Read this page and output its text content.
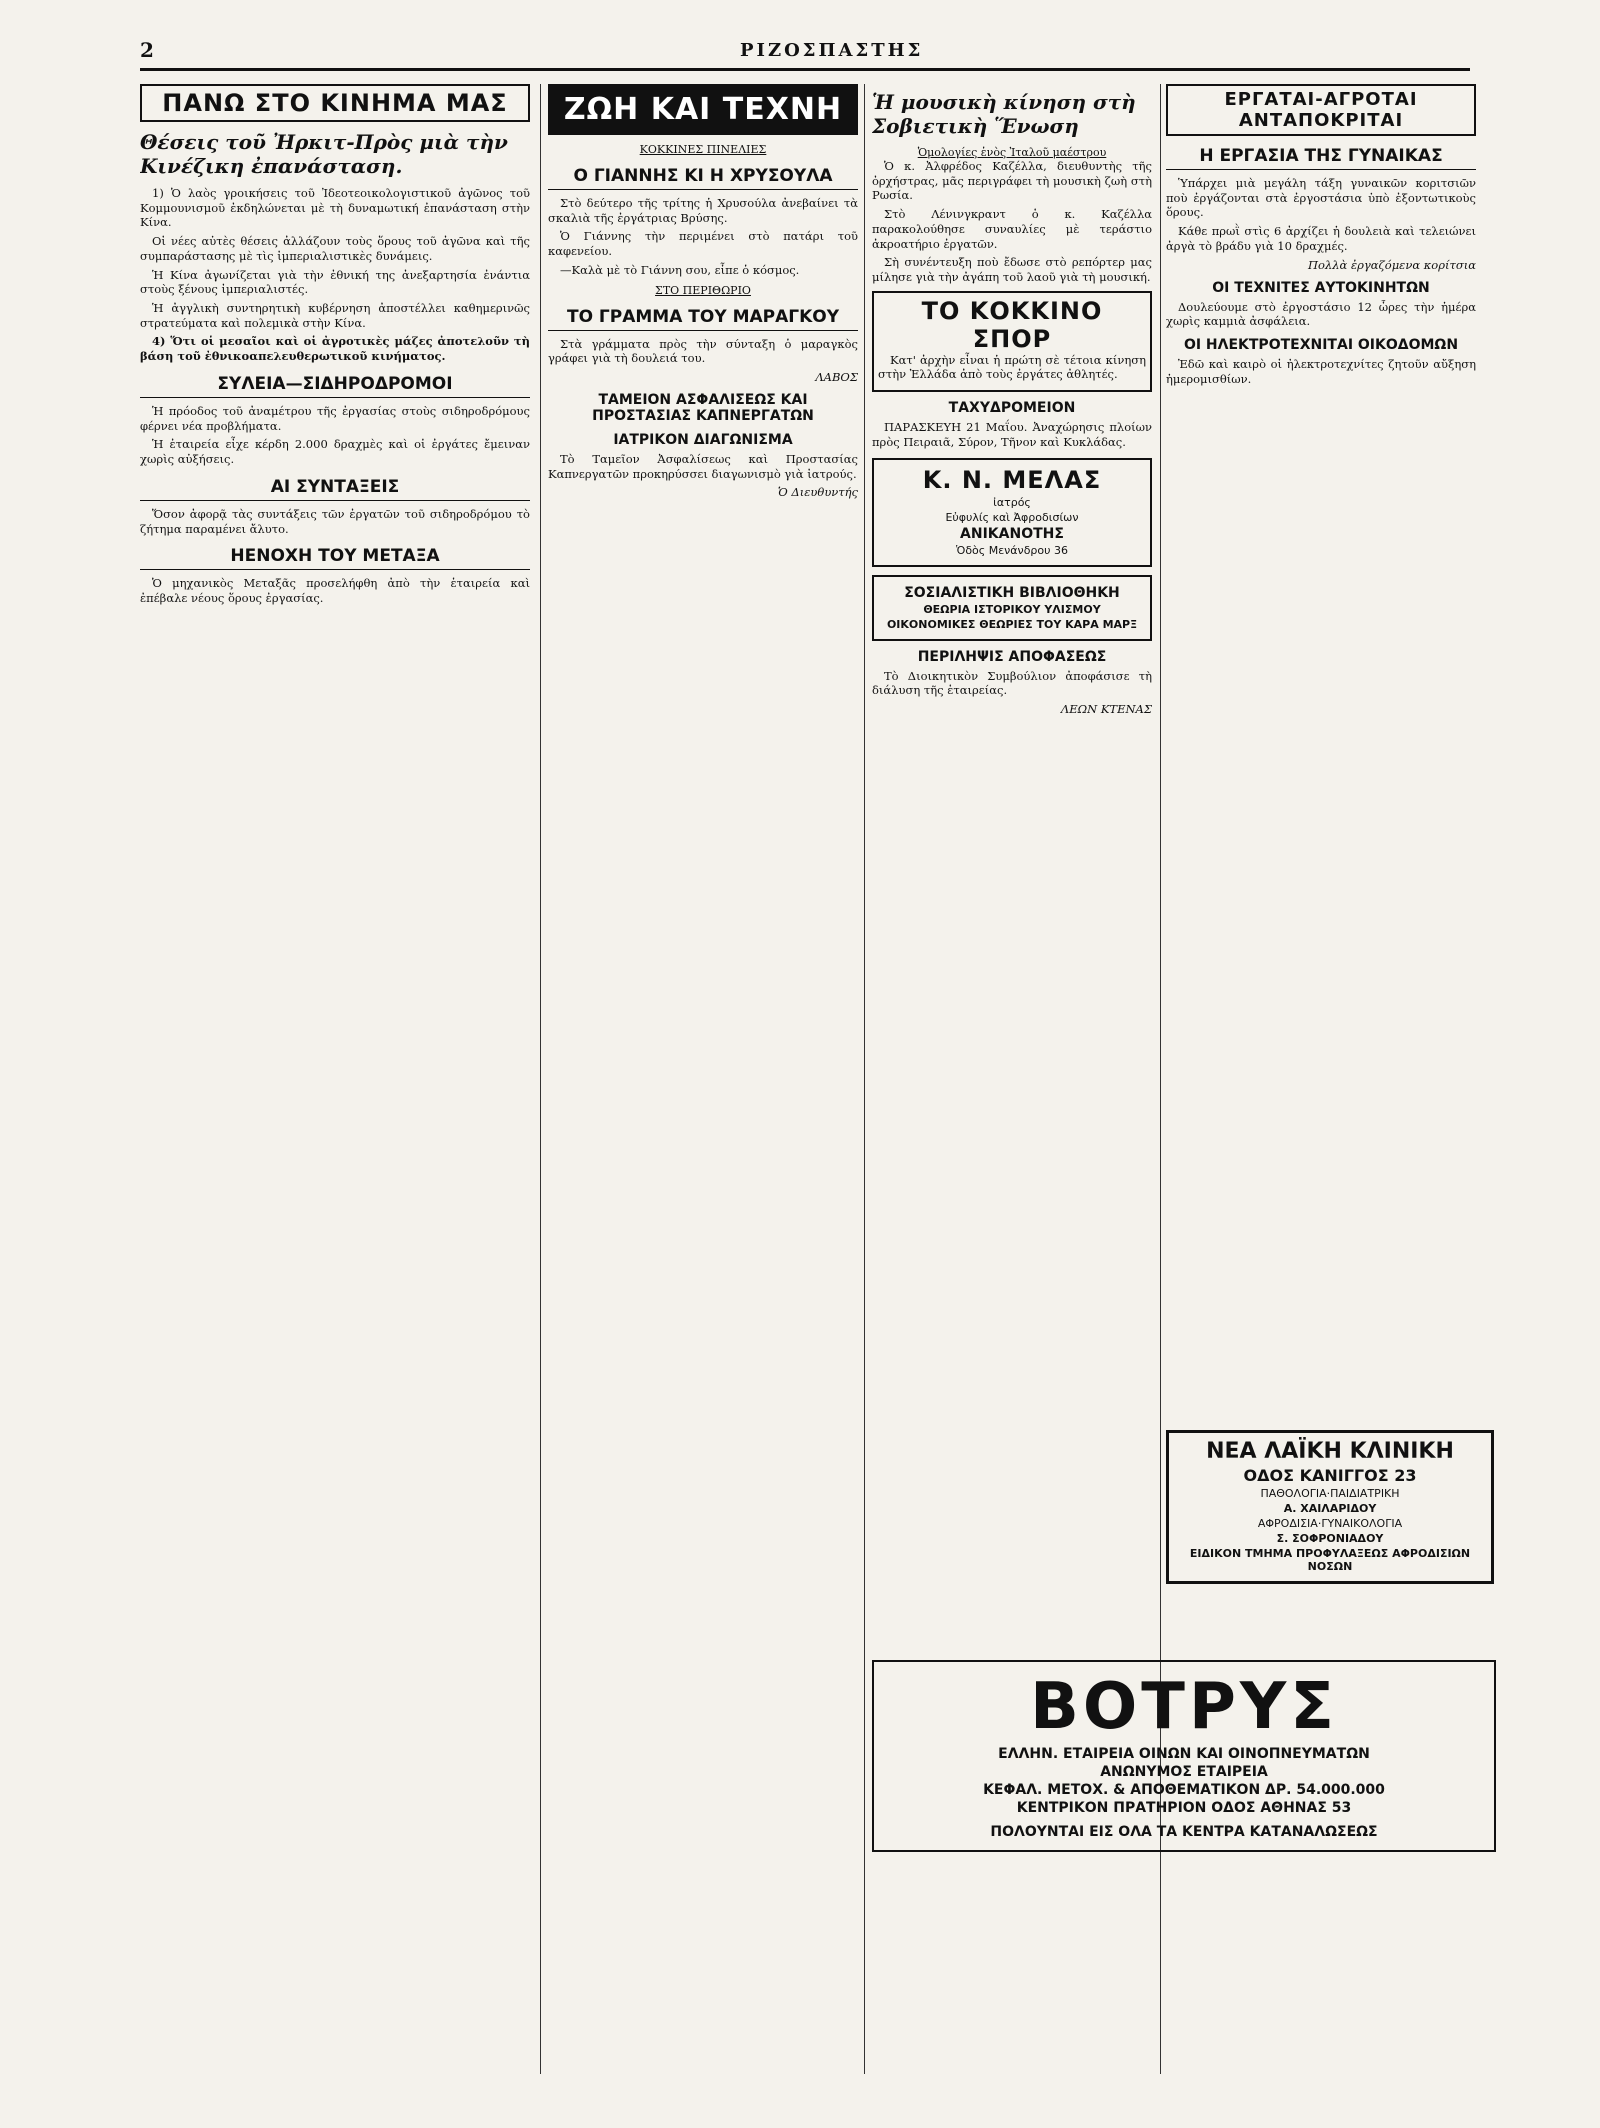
2	ΡΙΖΟΣΠΑΣΤΗΣ
ΠΑΝΩ ΣΤΟ ΚΙΝΗΜΑ ΜΑΣ
Θέσεις τοῦ Ἠρκιτ-Πρὸς μιὰ τὴν Κινέζικη ἐπανάσταση.

1) Ὁ λαὸς γροικήσεις τοῦ Ἰδεοτεοικολογιστικοῦ ἀγῶνος τοῦ Κομμουνισμοῦ ἐκδηλώνεται μὲ τὴ δυναμωτική ἐπανάσταση στὴν Κίνα.

Οἱ νέες αὐτὲς θέσεις ἀλλάζουν τοὺς ὅρους τοῦ ἀγῶνα καὶ τῆς συμπαράστασης μὲ τὶς ἰμπεριαλιστικὲς δυνάμεις.

Ἡ Κίνα ἀγωνίζεται γιὰ τὴν ἐθνική της ἀνεξαρτησία ἐνάντια στοὺς ξένους ἰμπεριαλιστές.

Ἡ ἀγγλικὴ συντηρητικὴ κυβέρνηση ἀποστέλλει καθημερινῶς στρατεύματα καὶ πολεμικὰ στὴν Κίνα.

4) Ὅτι οἱ μεσαῖοι καὶ οἱ ἀγροτικὲς μάζες ἀποτελοῦν τὴ βάση τοῦ ἐθνικοαπελευθερωτικοῦ κινήματος.

ΣΥΛΕΙΑ—ΣΙΔΗΡΟΔΡΟΜΟΙ

Ἡ πρόοδος τοῦ ἀναμέτρου τῆς ἐργασίας στοὺς σιδηροδρόμους φέρνει νέα προβλήματα.

Ἡ ἐταιρεία εἶχε κέρδη 2.000 δραχμὲς καὶ οἱ ἐργάτες ἔμειναν χωρὶς αὐξήσεις.

ΑΙ ΣΥΝΤΑΞΕΙΣ

Ὅσον ἀφορᾷ τὰς συντάξεις τῶν ἐργατῶν τοῦ σιδηροδρόμου τὸ ζήτημα παραμένει ἄλυτο.

ΗΕΝΟΧΗ ΤΟΥ ΜΕΤΑΞΑ

Ὁ μηχανικὸς Μεταξᾶς προσελήφθη ἀπὸ τὴν ἑταιρεία καὶ ἐπέβαλε νέους ὅρους ἐργασίας.

ΖΩΗ ΚΑΙ ΤΕΧΝΗ
ΚΟΚΚΙΝΕΣ ΠΙΝΕΛΙΕΣ
Ο ΓΙΑΝΝΗΣ ΚΙ Η ΧΡΥΣΟΥΛΑ

Στὸ δεύτερο τῆς τρίτης ἡ Χρυσούλα ἀνεβαίνει τὰ σκαλιὰ τῆς ἐργάτριας Βρύσης.

Ὁ Γιάννης τὴν περιμένει στὸ πατάρι τοῦ καφενείου.

—Καλὰ μὲ τὸ Γιάννη σου, εἶπε ὁ κόσμος.

ΣΤΟ ΠΕΡΙΘΩΡΙΟ
ΤΟ ΓΡΑΜΜΑ ΤΟΥ ΜΑΡΑΓΚΟΥ

Στὰ γράμματα πρὸς τὴν σύνταξη ὁ μαραγκὸς γράφει γιὰ τὴ δουλειά του.

ΛΑΒΟΣ
ΤΑΜΕΙΟΝ ΑΣΦΑΛΙΣΕΩΣ ΚΑΙ ΠΡΟΣΤΑΣΙΑΣ ΚΑΠΝΕΡΓΑΤΩΝ
ΙΑΤΡΙΚΟΝ ΔΙΑΓΩΝΙΣΜΑ

Τὸ Ταμεῖον Ἀσφαλίσεως καὶ Προστασίας Καπνεργατῶν προκηρύσσει διαγωνισμὸ γιὰ ἰατρούς.

Ὁ Διευθυντής
Ἡ μουσικὴ κίνηση στὴ Σοβιετικὴ Ἕνωση
Ὁμολογίες ἑνὸς Ἰταλοῦ μαέστρου

Ὁ κ. Ἀλφρέδος Καζέλλα, διευθυντὴς τῆς ὀρχήστρας, μᾶς περιγράφει τὴ μουσικὴ ζωὴ στὴ Ρωσία.

Στὸ Λένινγκραντ ὁ κ. Καζέλλα παρακολούθησε συναυλίες μὲ τεράστιο ἀκροατήριο ἐργατῶν.

Σὴ συνέντευξη ποὺ ἔδωσε στὸ ρεπόρτερ μας μίλησε γιὰ τὴν ἀγάπη τοῦ λαοῦ γιὰ τὴ μουσική.

ΤΟ ΚΟΚΚΙΝΟ ΣΠΟΡ

Κατ' ἀρχὴν εἶναι ἡ πρώτη σὲ τέτοια κίνηση στὴν Ἑλλάδα ἀπὸ τοὺς ἐργάτες ἀθλητές.

ΤΑΧΥΔΡΟΜΕΙΟΝ

ΠΑΡΑΣΚΕΥΗ 21 Μαΐου. Ἀναχώρησις πλοίων πρὸς Πειραιᾶ, Σύρον, Τῆνον καὶ Κυκλάδας.

Κ. Ν. ΜΕΛΑΣ
ἰατρός
Εὐφυλίς καὶ Ἀφροδισίων
ΑΝΙΚΑΝΟΤΗΣ
Ὁδὸς Μενάνδρου 36
ΣΟΣΙΑΛΙΣΤΙΚΗ ΒΙΒΛΙΟΘΗΚΗ
ΘΕΩΡΙΑ ΙΣΤΟΡΙΚΟΥ ΥΛΙΣΜΟΥ
ΟΙΚΟΝΟΜΙΚΕΣ ΘΕΩΡΙΕΣ ΤΟΥ ΚΑΡΑ ΜΑΡΞ
ΠΕΡΙΛΗΨΙΣ ΑΠΟΦΑΣΕΩΣ

Τὸ Διοικητικὸν Συμβούλιον ἀποφάσισε τὴ διάλυση τῆς ἑταιρείας.

ΛΕΩΝ ΚΤΕΝΑΣ
ΕΡΓΑΤΑΙ-ΑΓΡΟΤΑΙ ΑΝΤΑΠΟΚΡΙΤΑΙ
Η ΕΡΓΑΣΙΑ ΤΗΣ ΓΥΝΑΙΚΑΣ

Ὑπάρχει μιὰ μεγάλη τάξη γυναικῶν κοριτσιῶν ποὺ ἐργάζονται στὰ ἐργοστάσια ὑπὸ ἐξοντωτικοὺς ὅρους.

Κάθε πρωῒ στὶς 6 ἀρχίζει ἡ δουλειὰ καὶ τελειώνει ἀργὰ τὸ βράδυ γιὰ 10 δραχμές.

Πολλὰ ἐργαζόμενα κορίτσια
ΟΙ ΤΕΧΝΙΤΕΣ ΑΥΤΟΚΙΝΗΤΩΝ

Δουλεύουμε στὸ ἐργοστάσιο 12 ὧρες τὴν ἡμέρα χωρὶς καμμιὰ ἀσφάλεια.

ΟΙ ΗΛΕΚΤΡΟΤΕΧΝΙΤΑΙ ΟΙΚΟΔΟΜΩΝ

Ἐδῶ καὶ καιρὸ οἱ ἠλεκτροτεχνίτες ζητοῦν αὔξηση ἡμερομισθίων.

ΝΕΑ ΛΑΪΚΗ ΚΛΙΝΙΚΗ
ΟΔΟΣ ΚΑΝΙΓΓΟΣ 23
ΠΑΘΟΛΟΓΙΑ·ΠΑΙΔΙΑΤΡΙΚΗ
Α. ΧΑΙΛΑΡΙΔΟΥ
ΑΦΡΟΔΙΣΙΑ·ΓΥΝΑΙΚΟΛΟΓΙΑ
Σ. ΣΟΦΡΟΝΙΑΔΟΥ
ΕΙΔΙΚΟΝ ΤΜΗΜΑ ΠΡΟΦΥΛΑΞΕΩΣ ΑΦΡΟΔΙΣΙΩΝ ΝΟΣΩΝ
ΒΟΤΡΥΣ
ΕΛΛΗΝ. ΕΤΑΙΡΕΙΑ ΟΙΝΩΝ ΚΑΙ ΟΙΝΟΠΝΕΥΜΑΤΩΝ
ΑΝΩΝΥΜΟΣ ΕΤΑΙΡΕΙΑ
ΚΕΦΑΛ. ΜΕΤΟΧ. & ΑΠΟΘΕΜΑΤΙΚΟΝ ΔΡ. 54.000.000
ΚΕΝΤΡΙΚΟΝ ΠΡΑΤΗΡΙΟΝ ΟΔΟΣ ΑΘΗΝΑΣ 53
ΠΟΛΟΥΝΤΑΙ ΕΙΣ ΟΛΑ ΤΑ ΚΕΝΤΡΑ ΚΑΤΑΝΑΛΩΣΕΩΣ
